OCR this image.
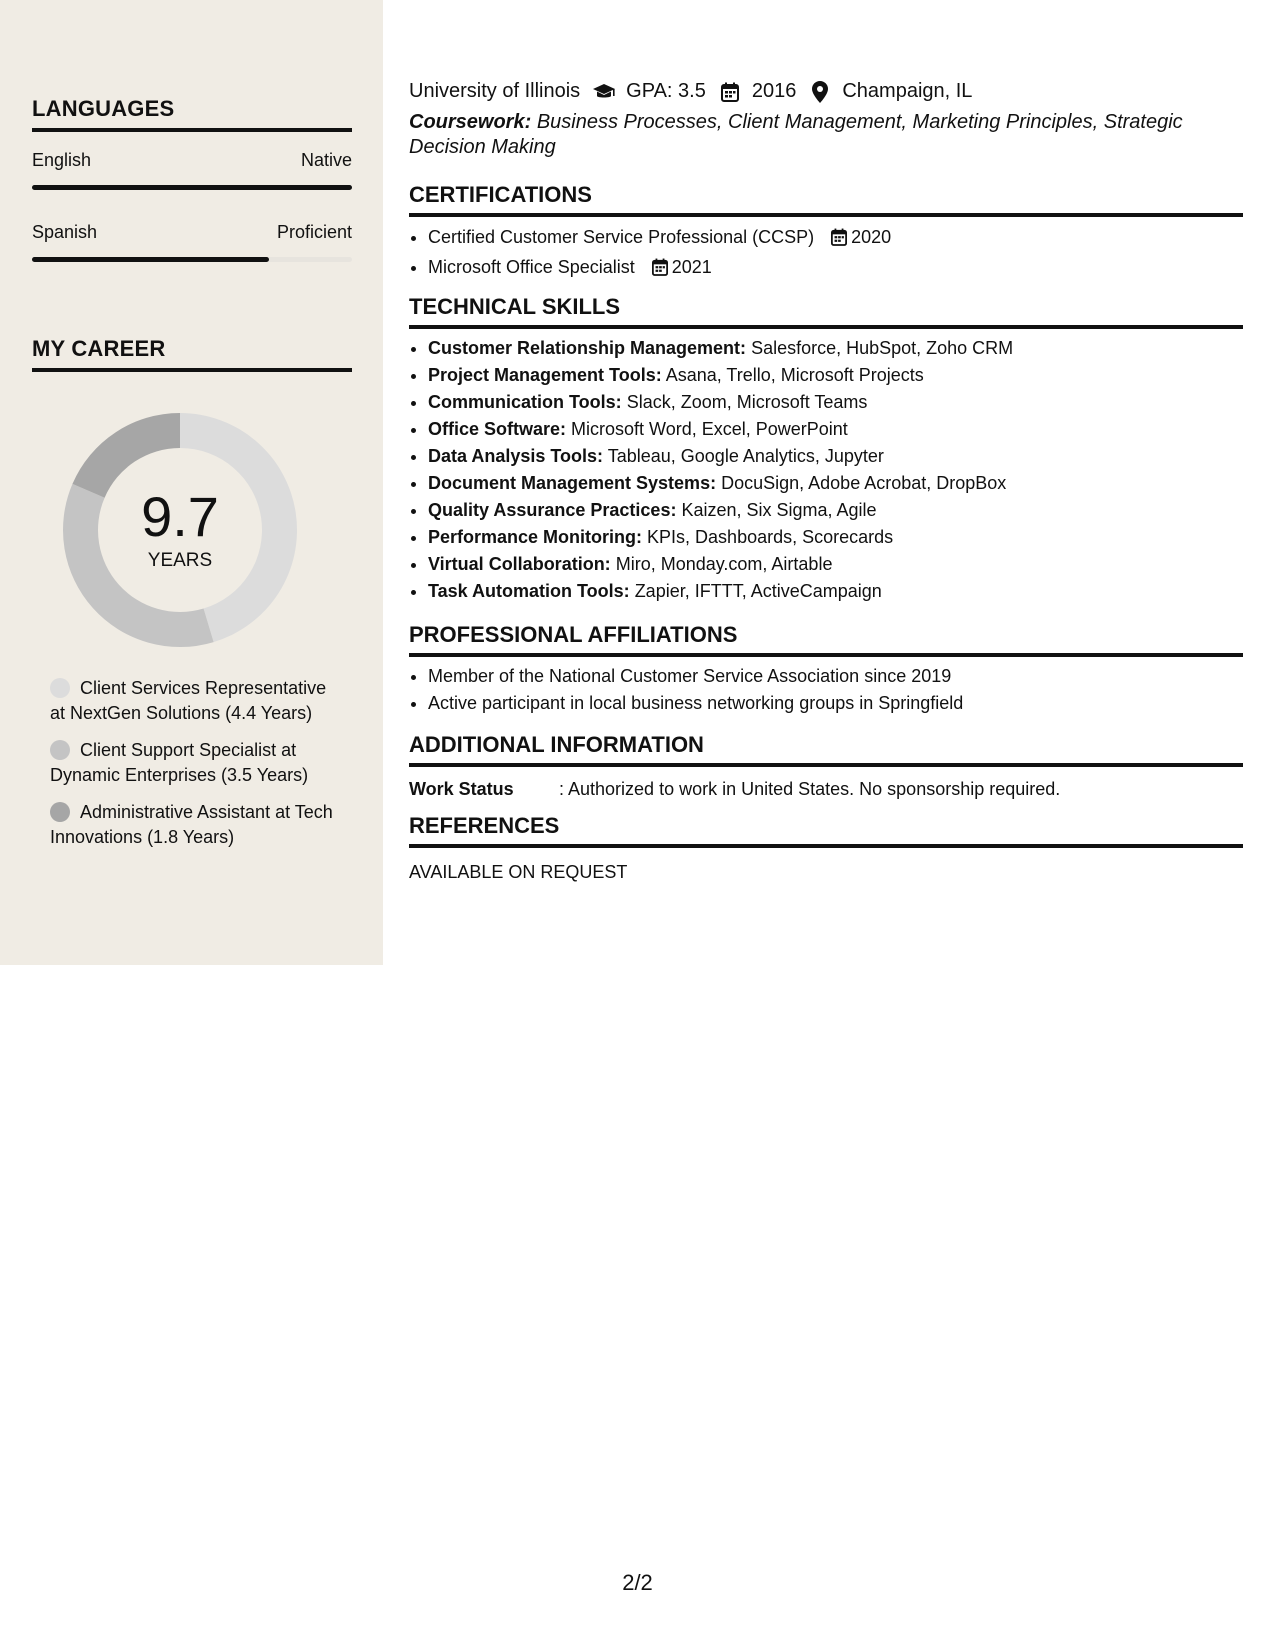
LANGUAGES
English	Native
Spanish	Proficient
MY CAREER
9.7
YEARS
Client Services Representative at NextGen Solutions (4.4 Years)
Client Support Specialist at Dynamic Enterprises (3.5 Years)
Administrative Assistant at Tech Innovations (1.8 Years)
University of Illinois GPA: 3.5 2016 Champaign, IL
Coursework: Business Processes, Client Management, Marketing Principles, Strategic Decision Making
CERTIFICATIONS
• Certified Customer Service Professional (CCSP) 2020
• Microsoft Office Specialist 2021
TECHNICAL SKILLS
• Customer Relationship Management: Salesforce, HubSpot, Zoho CRM
• Project Management Tools: Asana, Trello, Microsoft Projects
• Communication Tools: Slack, Zoom, Microsoft Teams
• Office Software: Microsoft Word, Excel, PowerPoint
• Data Analysis Tools: Tableau, Google Analytics, Jupyter
• Document Management Systems: DocuSign, Adobe Acrobat, DropBox
• Quality Assurance Practices: Kaizen, Six Sigma, Agile
• Performance Monitoring: KPIs, Dashboards, Scorecards
• Virtual Collaboration: Miro, Monday.com, Airtable
• Task Automation Tools: Zapier, IFTTT, ActiveCampaign
PROFESSIONAL AFFILIATIONS
• Member of the National Customer Service Association since 2019
• Active participant in local business networking groups in Springfield
ADDITIONAL INFORMATION
Work Status	: Authorized to work in United States. No sponsorship required.
REFERENCES
AVAILABLE ON REQUEST
2/2
